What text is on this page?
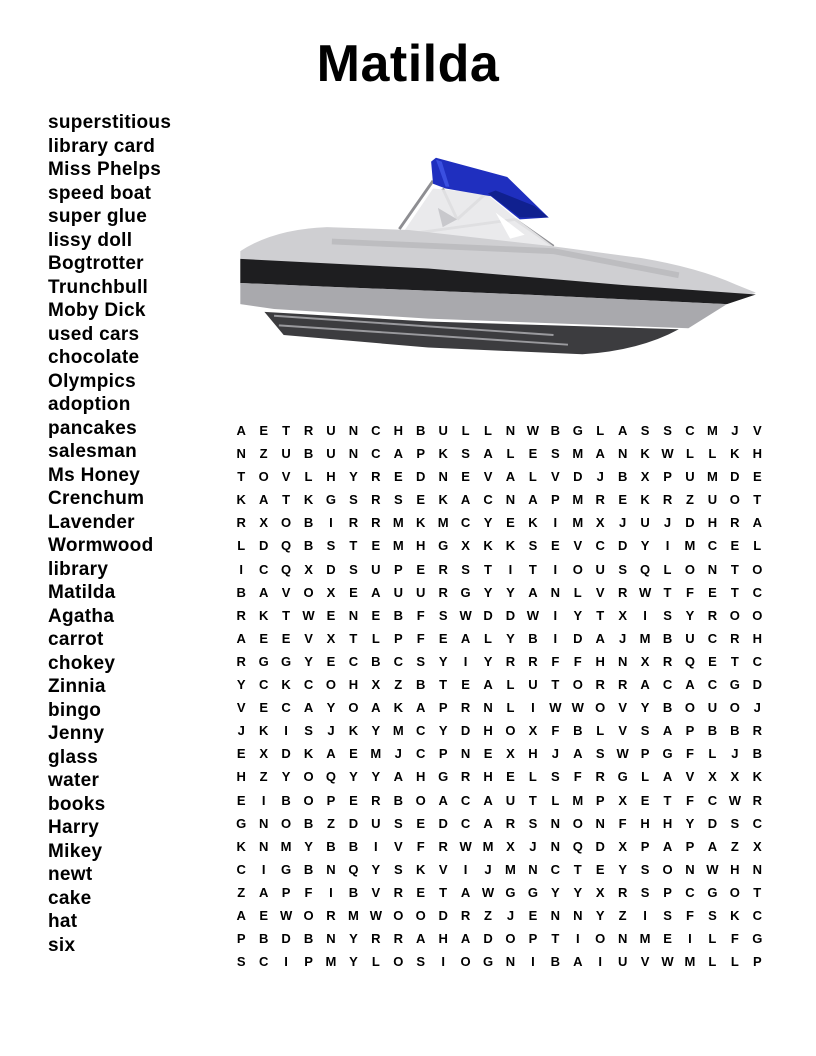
Matilda
superstitious
library card
Miss Phelps
speed boat
super glue
lissy doll
Bogtrotter
Trunchbull
Moby Dick
used cars
chocolate
Olympics
adoption
pancakes
salesman
Ms Honey
Crenchum
Lavender
Wormwood
library
Matilda
Agatha
carrot
chokey
Zinnia
bingo
Jenny
glass
water
books
Harry
Mikey
newt
cake
hat
six
A	E	T	R	U	N	C	H	B	U	L	L	N W B G	L	A	S	S	C M	J	V
N	Z	U	B	U	N	C	A	P	K	S	A	L	E	S M A	N	K W L	L	K	H
T	O	V	L	H	Y	R	E	D	N	E	V	A	L	V	D	J	B	X	P	U M D	E
K	A	T	K G	S	R	S	E	K	A	C	N	A	P M R	E	K	R	Z	U O	T
R	X	O B	I	R	R M K M C	Y	E	K	I	M X	J	U	J	D	H	R	A
L	D Q B	S	T	E M H G	X	K	K	S	E	V	C	D	Y	I	M C	E	L
I	C Q	X	D	S	U	P	E	R	S	T	I	T	I	O U	S	Q	L	O N	T	O
B	A	V	O	X	E	A	U	U	R G	Y	Y	A	N	L	V	R W T	F	E	T	C
R	K	T W E	N	E	B	F	S W D	D W	I	Y	T	X	I	S	Y	R O O
A	E	E	V	X	T	L	P	F	E	A	L	Y	B	I	D	A	J	M B	U	C	R	H
R G G	Y	E	C	B	C	S	Y	I	Y	R	R	F	F	H	N	X	R Q	E	T	C
Y	C	K	C O H	X	Z	B	T	E	A	L	U	T	O R	R	A	C	A	C G D
V	E	C	A	Y	O A	K	A	P	R	N	L	I	W W O	V	Y	B O U O	J
J	K	I	S	J	K	Y M C	Y	D	H O	X	F	B	L	V	S	A	P	B	B	R
E	X	D	K	A	E M	J	C	P	N	E	X	H	J	A	S W P	G	F	L	J	B
H	Z	Y	O Q	Y	Y	A	H G R	H	E	L	S	F	R G	L	A	V	X	X	K
E	I	B O	P	E	R	B O A	C	A	U	T	L	M P	X	E	T	F	C W R
G N O B	Z	D	U	S	E	D	C	A	R	S	N O N	F	H	H	Y	D	S	C
K	N M Y	B	B	I	V	F	R W M X	J	N Q D	X	P	A	P	A	Z	X
C	I	G B	N Q	Y	S	K	V	I	J	M N	C	T	E	Y	S	O N W H	N
Z	A	P	F	I	B	V	R	E	T	A W G G	Y	Y	X	R	S	P	C G O	T
A	E W O R M W O O D	R	Z	J	E	N	N	Y	Z	I	S	F	S	K	C
P	B	D	B	N	Y	R	R	A	H	A	D O	P	T	I	O N M E	I	L	F	G
S	C	I	P M Y	L	O	S	I	O G N	I	B	A	I	U	V W M	L	L	P
